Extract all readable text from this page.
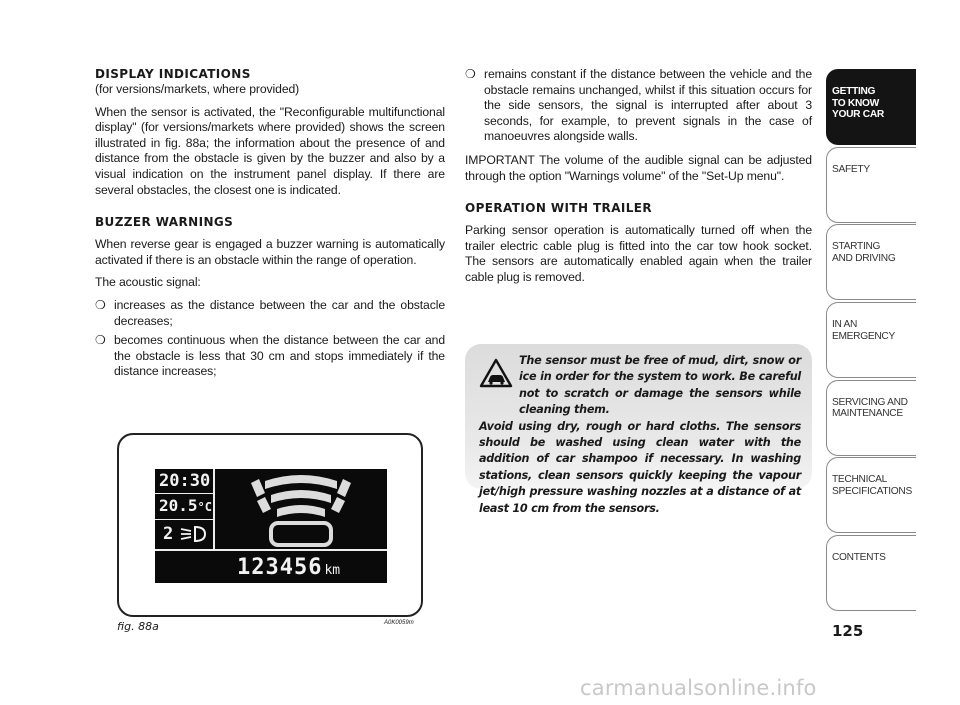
DISPLAY INDICATIONS

(for versions/markets, where provided)

When the sensor is activated, the "Reconfigurable multifunctional display" (for versions/markets where provided) shows the screen illustrated in fig. 88a; the information about the presence of and distance from the obstacle is given by the buzzer and also by a visual indication on the instrument panel display. If there are several obstacles, the closest one is indicated.

BUZZER WARNINGS

When reverse gear is engaged a buzzer warning is automatically activated if there is an obstacle within the range of operation.

The acoustic signal:

❍ increases as the distance between the car and the obstacle decreases;
❍ becomes continuous when the distance between the car and the obstacle is less that 30 cm and stops immediately if the distance increases;
❍ remains constant if the distance between the vehicle and the obstacle remains unchanged, whilst if this situation occurs for the side sensors, the signal is interrupted after about 3 seconds, for example, to prevent signals in the case of manoeuvres alongside walls.

IMPORTANT The volume of the audible signal can be adjusted through the option "Warnings volume" of the "Set-Up menu".

OPERATION WITH TRAILER

Parking sensor operation is automatically turned off when the trailer electric cable plug is fitted into the car tow hook socket. The sensors are automatically enabled again when the trailer cable plug is removed.

The sensor must be free of mud, dirt, snow or ice in order for the system to work. Be careful not to scratch or damage the sensors while cleaning them.
Avoid using dry, rough or hard cloths. The sensors should be washed using clean water with the addition of car shampoo if necessary. In washing stations, clean sensors quickly keeping the vapour jet/high pressure washing nozzles at a distance of at least 10 cm from the sensors.
20:30
20.5°C
2
123456 km
fig. 88a	A0K0059m
GETTING
TO KNOW
YOUR CAR
SAFETY
STARTING
AND DRIVING
IN AN
EMERGENCY
SERVICING AND
MAINTENANCE
TECHNICAL
SPECIFICATIONS
CONTENTS
125
carmanualsonline.info
